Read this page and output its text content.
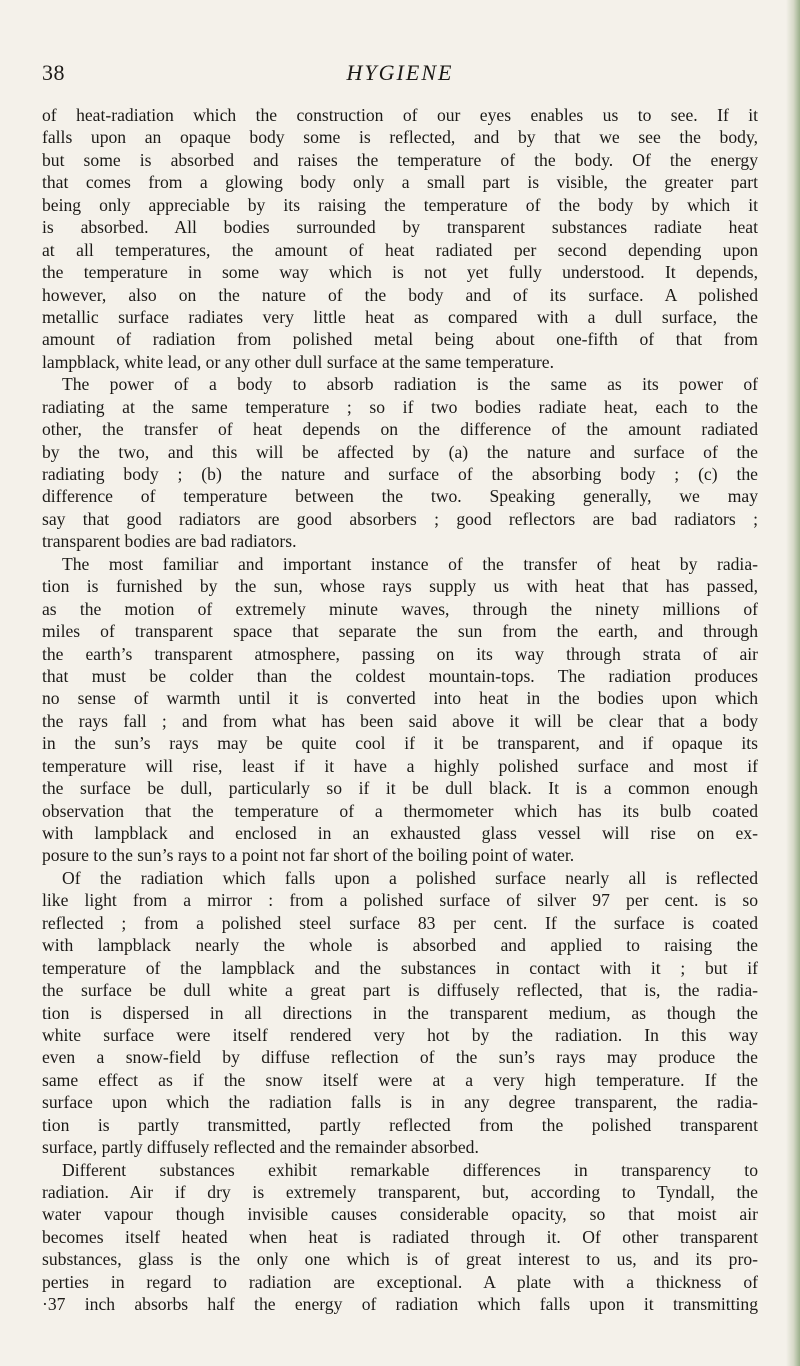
38	HYGIENE
of heat-radiation which the construction of our eyes enables us to see. If it
falls upon an opaque body some is reflected, and by that we see the body,
but some is absorbed and raises the temperature of the body. Of the energy
that comes from a glowing body only a small part is visible, the greater part
being only appreciable by its raising the temperature of the body by which it
is absorbed. All bodies surrounded by transparent substances radiate heat
at all temperatures, the amount of heat radiated per second depending upon
the temperature in some way which is not yet fully understood. It depends,
however, also on the nature of the body and of its surface. A polished
metallic surface radiates very little heat as compared with a dull surface, the
amount of radiation from polished metal being about one-fifth of that from
lampblack, white lead, or any other dull surface at the same temperature.
The power of a body to absorb radiation is the same as its power of
radiating at the same temperature ; so if two bodies radiate heat, each to the
other, the transfer of heat depends on the difference of the amount radiated
by the two, and this will be affected by (a) the nature and surface of the
radiating body ; (b) the nature and surface of the absorbing body ; (c) the
difference of temperature between the two. Speaking generally, we may
say that good radiators are good absorbers ; good reflectors are bad radiators ;
transparent bodies are bad radiators.
The most familiar and important instance of the transfer of heat by radia-
tion is furnished by the sun, whose rays supply us with heat that has passed,
as the motion of extremely minute waves, through the ninety millions of
miles of transparent space that separate the sun from the earth, and through
the earth’s transparent atmosphere, passing on its way through strata of air
that must be colder than the coldest mountain-tops. The radiation produces
no sense of warmth until it is converted into heat in the bodies upon which
the rays fall ; and from what has been said above it will be clear that a body
in the sun’s rays may be quite cool if it be transparent, and if opaque its
temperature will rise, least if it have a highly polished surface and most if
the surface be dull, particularly so if it be dull black. It is a common enough
observation that the temperature of a thermometer which has its bulb coated
with lampblack and enclosed in an exhausted glass vessel will rise on ex-
posure to the sun’s rays to a point not far short of the boiling point of water.
Of the radiation which falls upon a polished surface nearly all is reflected
like light from a mirror : from a polished surface of silver 97 per cent. is so
reflected ; from a polished steel surface 83 per cent. If the surface is coated
with lampblack nearly the whole is absorbed and applied to raising the
temperature of the lampblack and the substances in contact with it ; but if
the surface be dull white a great part is diffusely reflected, that is, the radia-
tion is dispersed in all directions in the transparent medium, as though the
white surface were itself rendered very hot by the radiation. In this way
even a snow-field by diffuse reflection of the sun’s rays may produce the
same effect as if the snow itself were at a very high temperature. If the
surface upon which the radiation falls is in any degree transparent, the radia-
tion is partly transmitted, partly reflected from the polished transparent
surface, partly diffusely reflected and the remainder absorbed.
Different substances exhibit remarkable differences in transparency to
radiation. Air if dry is extremely transparent, but, according to Tyndall, the
water vapour though invisible causes considerable opacity, so that moist air
becomes itself heated when heat is radiated through it. Of other transparent
substances, glass is the only one which is of great interest to us, and its pro-
perties in regard to radiation are exceptional. A plate with a thickness of
·37 inch absorbs half the energy of radiation which falls upon it transmitting
